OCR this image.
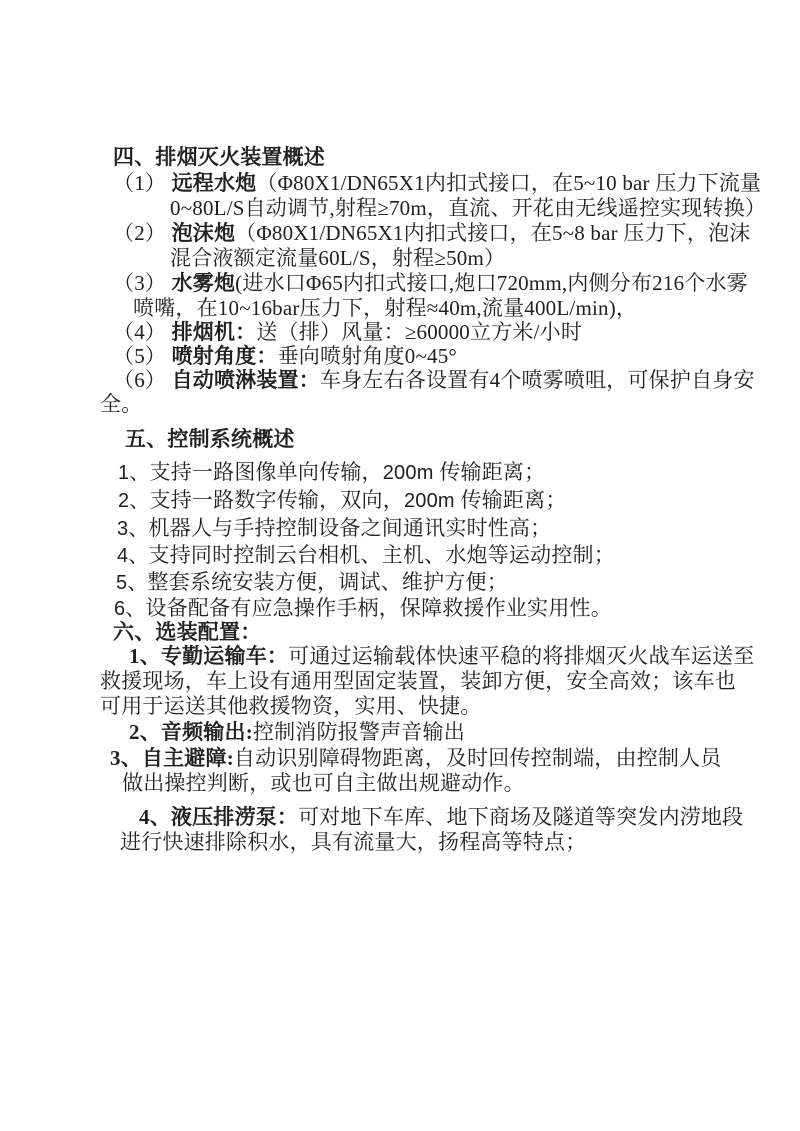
四、排烟灭火装置概述
（1） 远程水炮（Φ80X1/DN65X1内扣式接口，在5~10 bar 压力下流量
0~80L/S自动调节,射程≥70m，直流、开花由无线遥控实现转换）
（2） 泡沫炮（Φ80X1/DN65X1内扣式接口，在5~8 bar 压力下，泡沫
混合液额定流量60L/S，射程≥50m）
（3） 水雾炮(进水口Φ65内扣式接口,炮口720mm,内侧分布216个水雾
喷嘴，在10~16bar压力下，射程≈40m,流量400L/min)，
（4） 排烟机：送（排）风量：≥60000立方米/小时
（5） 喷射角度：垂向喷射角度0~45°
（6） 自动喷淋装置：车身左右各设置有4个喷雾喷咀，可保护自身安
全。
五、控制系统概述
1、支持一路图像单向传输，200m 传输距离；
2、支持一路数字传输，双向，200m 传输距离；
3、机器人与手持控制设备之间通讯实时性高；
4、支持同时控制云台相机、主机、水炮等运动控制；
5、整套系统安装方便，调试、维护方便；
6、设备配备有应急操作手柄，保障救援作业实用性。
六、选装配置：
1、专勤运输车：可通过运输载体快速平稳的将排烟灭火战车运送至
救援现场，车上设有通用型固定装置，装卸方便，安全高效；该车也
可用于运送其他救援物资，实用、快捷。
2、音频输出:控制消防报警声音输出
3、自主避障:自动识别障碍物距离，及时回传控制端，由控制人员
做出操控判断，或也可自主做出规避动作。
4、液压排涝泵：可对地下车库、地下商场及隧道等突发内涝地段
进行快速排除积水，具有流量大，扬程高等特点；
